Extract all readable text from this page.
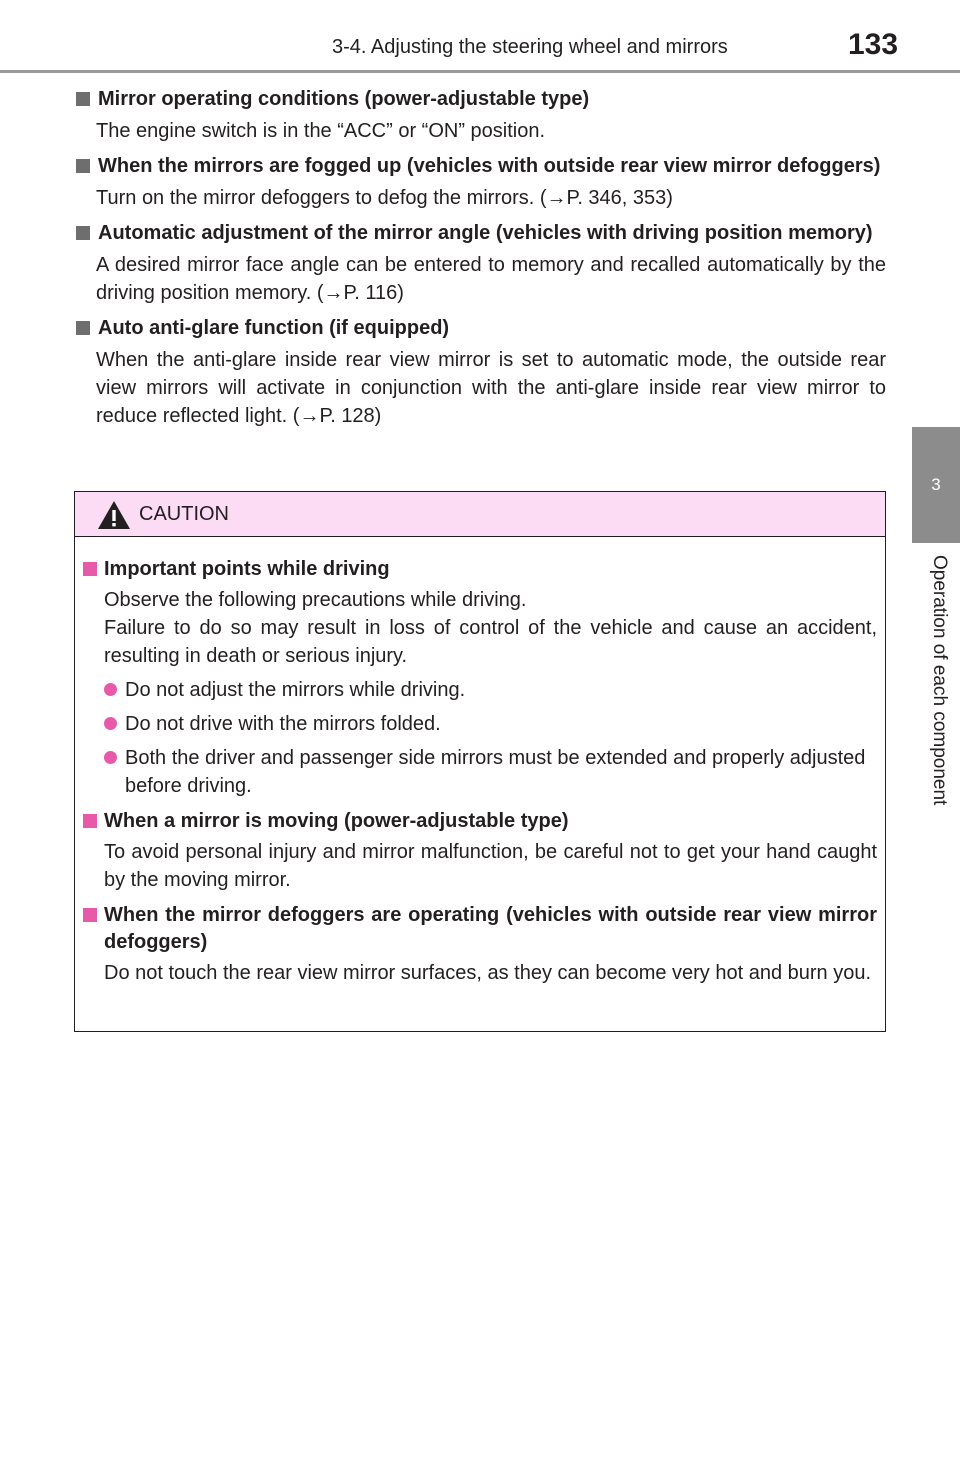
3-4. Adjusting the steering wheel and mirrors	133
3
Operation of each component
Mirror operating conditions (power-adjustable type)
The engine switch is in the “ACC” or “ON” position.
When the mirrors are fogged up (vehicles with outside rear view mirror defoggers)
Turn on the mirror defoggers to defog the mirrors. (→P. 346, 353)
Automatic adjustment of the mirror angle (vehicles with driving position memory)
A desired mirror face angle can be entered to memory and recalled automatically by the driving position memory. (→P. 116)
Auto anti-glare function (if equipped)
When the anti-glare inside rear view mirror is set to automatic mode, the outside rear view mirrors will activate in conjunction with the anti-glare inside rear view mirror to reduce reflected light. (→P. 128)
CAUTION
Important points while driving
Observe the following precautions while driving.
Failure to do so may result in loss of control of the vehicle and cause an accident, resulting in death or serious injury.
Do not adjust the mirrors while driving.
Do not drive with the mirrors folded.
Both the driver and passenger side mirrors must be extended and properly adjusted before driving.
When a mirror is moving (power-adjustable type)
To avoid personal injury and mirror malfunction, be careful not to get your hand caught by the moving mirror.
When the mirror defoggers are operating (vehicles with outside rear view mirror defoggers)
Do not touch the rear view mirror surfaces, as they can become very hot and burn you.
